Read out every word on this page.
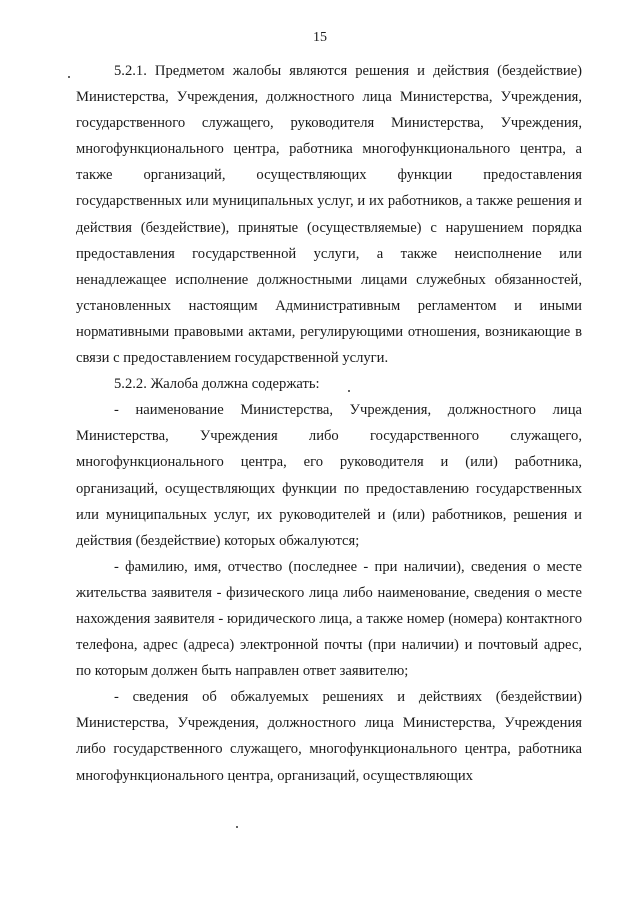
15

5.2.1. Предметом жалобы являются решения и действия (бездействие) Министерства, Учреждения, должностного лица Министерства, Учреждения, государственного служащего, руководителя Министерства, Учреждения, многофункционального центра, работника многофункционального центра, а также организаций, осуществляющих функции предоставления государственных или муниципальных услуг, и их работников, а также решения и действия (бездействие), принятые (осуществляемые) с нарушением порядка предоставления государственной услуги, а также неисполнение или ненадлежащее исполнение должностными лицами служебных обязанностей, установленных настоящим Административным регламентом и иными нормативными правовыми актами, регулирующими отношения, возникающие в связи с предоставлением государственной услуги.

5.2.2. Жалоба должна содержать:

- наименование Министерства, Учреждения, должностного лица Министерства, Учреждения либо государственного служащего, многофункционального центра, его руководителя и (или) работника, организаций, осуществляющих функции по предоставлению государственных или муниципальных услуг, их руководителей и (или) работников, решения и действия (бездействие) которых обжалуются;

- фамилию, имя, отчество (последнее - при наличии), сведения о месте жительства заявителя - физического лица либо наименование, сведения о месте нахождения заявителя - юридического лица, а также номер (номера) контактного телефона, адрес (адреса) электронной почты (при наличии) и почтовый адрес, по которым должен быть направлен ответ заявителю;

- сведения об обжалуемых решениях и действиях (бездействии) Министерства, Учреждения, должностного лица Министерства, Учреждения либо государственного служащего, многофункционального центра, работника многофункционального центра, организаций, осуществляющих
